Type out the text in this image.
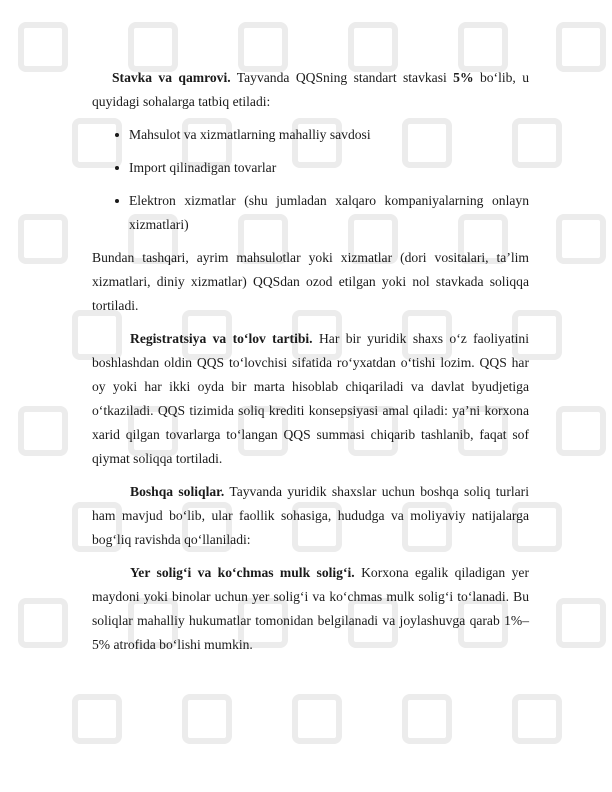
Stavka va qamrovi. Tayvanda QQSning standart stavkasi 5% bo‘lib, u quyidagi sohalarga tatbiq etiladi:

Mahsulot va xizmatlarning mahalliy savdosi
Import qilinadigan tovarlar
Elektron xizmatlar (shu jumladan xalqaro kompaniyalarning onlayn xizmatlari)

Bundan tashqari, ayrim mahsulotlar yoki xizmatlar (dori vositalari, ta’lim xizmatlari, diniy xizmatlar) QQSdan ozod etilgan yoki nol stavkada soliqqa tortiladi.

Registratsiya va to‘lov tartibi. Har bir yuridik shaxs o‘z faoliyatini boshlashdan oldin QQS to‘lovchisi sifatida ro‘yxatdan o‘tishi lozim. QQS har oy yoki har ikki oyda bir marta hisoblab chiqariladi va davlat byudjetiga o‘tkaziladi. QQS tizimida soliq krediti konsepsiyasi amal qiladi: ya’ni korxona xarid qilgan tovarlarga to‘langan QQS summasi chiqarib tashlanib, faqat sof qiymat soliqqa tortiladi.

Boshqa soliqlar. Tayvanda yuridik shaxslar uchun boshqa soliq turlari ham mavjud bo‘lib, ular faollik sohasiga, hududga va moliyaviy natijalarga bog‘liq ravishda qo‘llaniladi:

Yer solig‘i va ko‘chmas mulk solig‘i. Korxona egalik qiladigan yer maydoni yoki binolar uchun yer solig‘i va ko‘chmas mulk solig‘i to‘lanadi. Bu soliqlar mahalliy hukumatlar tomonidan belgilanadi va joylashuvga qarab 1%–5% atrofida bo‘lishi mumkin.
